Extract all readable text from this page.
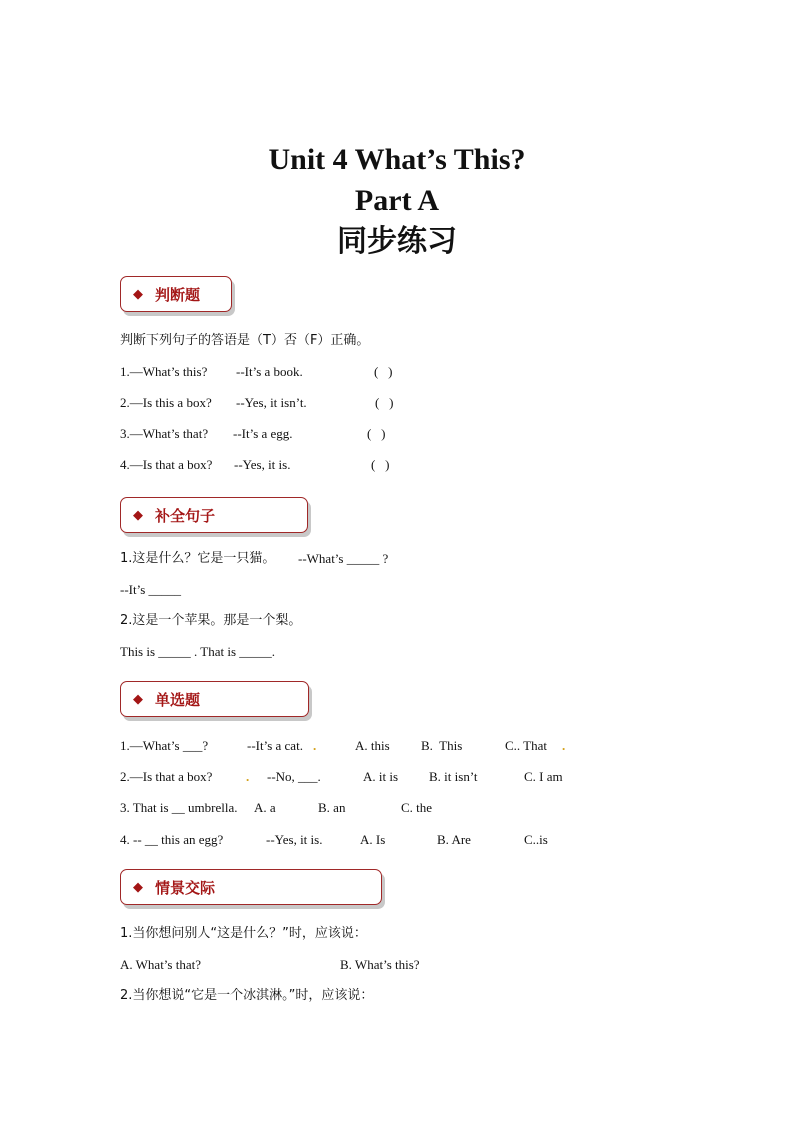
Unit 4 What’s This?
Part A
同步练习
◆ 判断题
判断下列句子的答语是（T）否（F）正确。
1.—What’s this? --It’s a book.	(   )
2.—Is this a box? --Yes, it isn’t.	(   )
3.—What’s that? --It’s a egg.	(   )
4.—Is that a box? --Yes, it is.	(   )
◆ 补全句子
1.这是什么？它是一只猫。 --What’s _____ ?
--It’s _____
2.这是一个苹果。那是一个梨。
This is _____ . That is _____.
◆ 单选题
1.—What’s ___?	--It’s a cat. .	A. this B.  This	C.. That .
2.—Is that a box?	. --No, ___.	A. it is B. it isn’t	C. I am
3. That is __ umbrella. A. a	B. an	C. the
4. -- __ this an egg?	--Yes, it is.	A. Is	B. Are	C..is
◆ 情景交际
1.当你想问别人“这是什么？”时，应该说：
A. What’s that?	B. What’s this?
2.当你想说“它是一个冰淇淋。”时，应该说：
